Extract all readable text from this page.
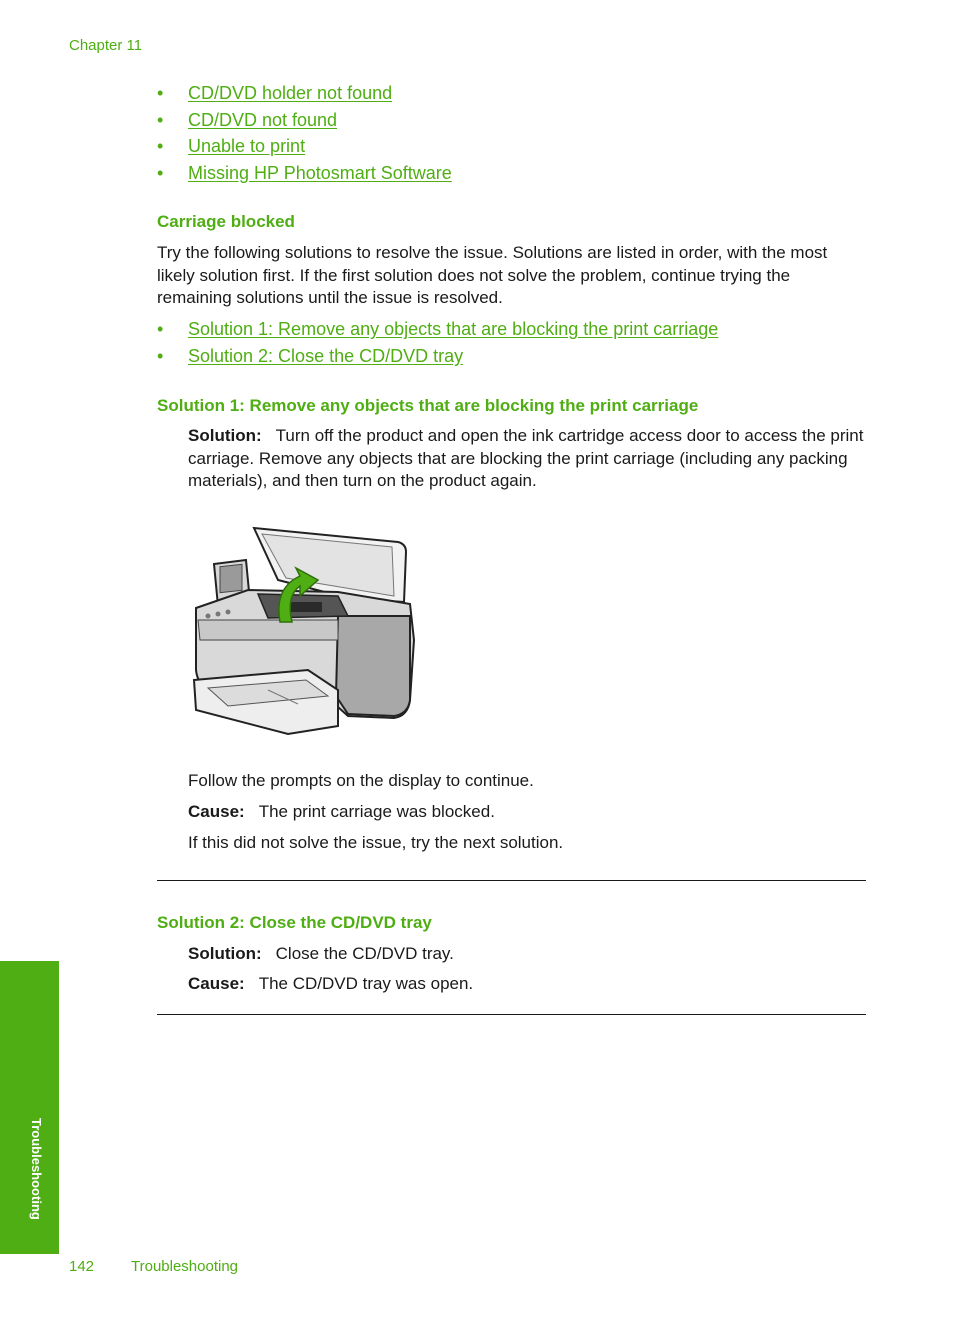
Chapter 11
• CD/DVD holder not found
• CD/DVD not found
• Unable to print
• Missing HP Photosmart Software
Carriage blocked

Try the following solutions to resolve the issue. Solutions are listed in order, with the most likely solution first. If the first solution does not solve the problem, continue trying the remaining solutions until the issue is resolved.

• Solution 1: Remove any objects that are blocking the print carriage
• Solution 2: Close the CD/DVD tray
Solution 1: Remove any objects that are blocking the print carriage

Solution: Turn off the product and open the ink cartridge access door to access the print carriage. Remove any objects that are blocking the print carriage (including any packing materials), and then turn on the product again.

Follow the prompts on the display to continue.

Cause: The print carriage was blocked.

If this did not solve the issue, try the next solution.

Solution 2: Close the CD/DVD tray

Solution: Close the CD/DVD tray.

Cause: The CD/DVD tray was open.

Troubleshooting
142 Troubleshooting
